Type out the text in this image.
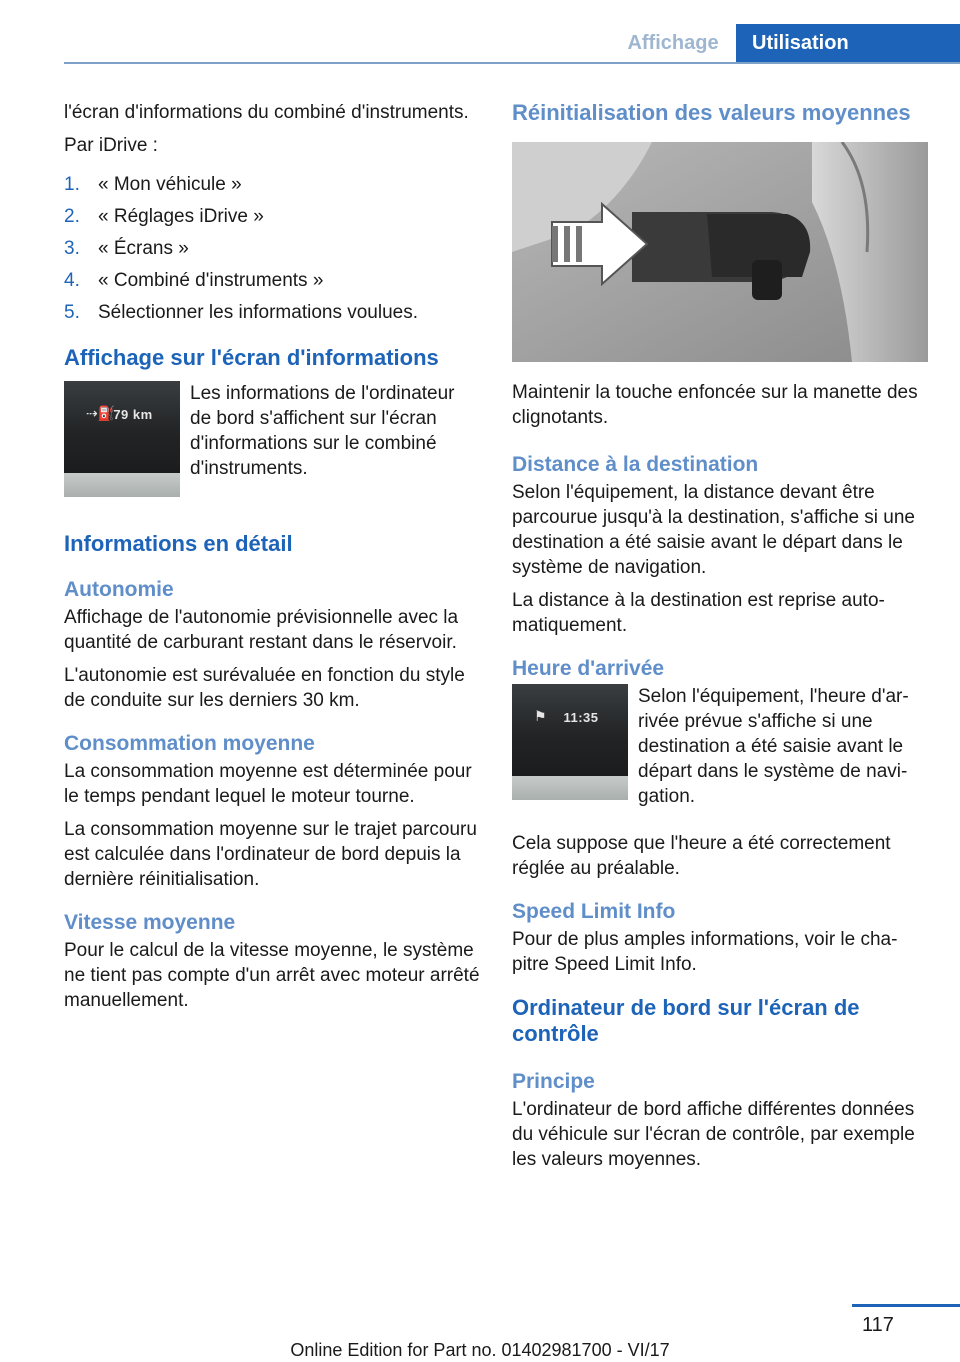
Affichage	Utilisation

l'écran d'informations du combiné d'instruments.

Par iDrive :

1. « Mon véhicule »
2. « Réglages iDrive »
3. « Écrans »
4. « Combiné d'instruments »
5. Sélectionner les informations voulues.
Affichage sur l'écran d'informations
⇢⛽
79 km

Les informations de l'ordinateur de bord s'affichent sur l'écran d'informations sur le combiné d'instruments.

Informations en détail
Autonomie

Affichage de l'autonomie prévisionnelle avec la quantité de carburant restant dans le réservoir.

L'autonomie est surévaluée en fonction du style de conduite sur les derniers 30 km.

Consommation moyenne

La consommation moyenne est déterminée pour le temps pendant lequel le moteur tourne.

La consommation moyenne sur le trajet parcouru est calculée dans l'ordinateur de bord depuis la dernière réinitialisation.

Vitesse moyenne

Pour le calcul de la vitesse moyenne, le système ne tient pas compte d'un arrêt avec moteur arrêté manuellement.

Réinitialisation des valeurs moyennes

Maintenir la touche enfoncée sur la manette des clignotants.

Distance à la destination

Selon l'équipement, la distance devant être parcourue jusqu'à la destination, s'affiche si une destination a été saisie avant le départ dans le système de navigation.

La distance à la destination est reprise automatiquement.

Heure d'arrivée
⚑	11:35

Selon l'équipement, l'heure d'arrivée prévue s'affiche si une destination a été saisie avant le départ dans le système de navigation.

Cela suppose que l'heure a été correctement réglée au préalable.

Speed Limit Info

Pour de plus amples informations, voir le chapitre Speed Limit Info.

Ordinateur de bord sur l'écran de contrôle
Principe

L'ordinateur de bord affiche différentes données du véhicule sur l'écran de contrôle, par exemple les valeurs moyennes.

117
Online Edition for Part no. 01402981700 - VI/17
